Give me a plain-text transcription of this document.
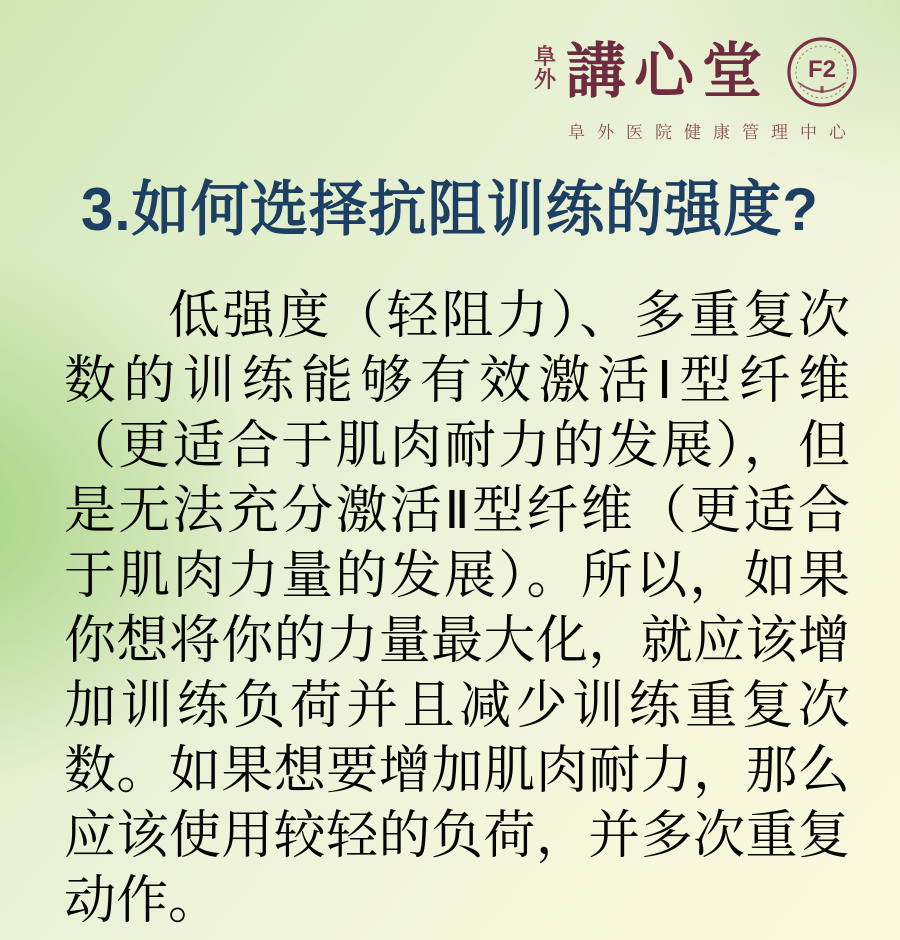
阜
外 講心堂 F2
阜外医院健康管理中心
3.如何选择抗阻训练的强度?
低强度（轻阻力）、多重复次
数的训练能够有效激活Ⅰ型纤维
（更适合于肌肉耐力的发展），但
是无法充分激活Ⅱ型纤维（更适合
于肌肉力量的发展）。所以，如果
你想将你的力量最大化，就应该增
加训练负荷并且减少训练重复次
数。如果想要增加肌肉耐力，那么
应该使用较轻的负荷，并多次重复
动作。
